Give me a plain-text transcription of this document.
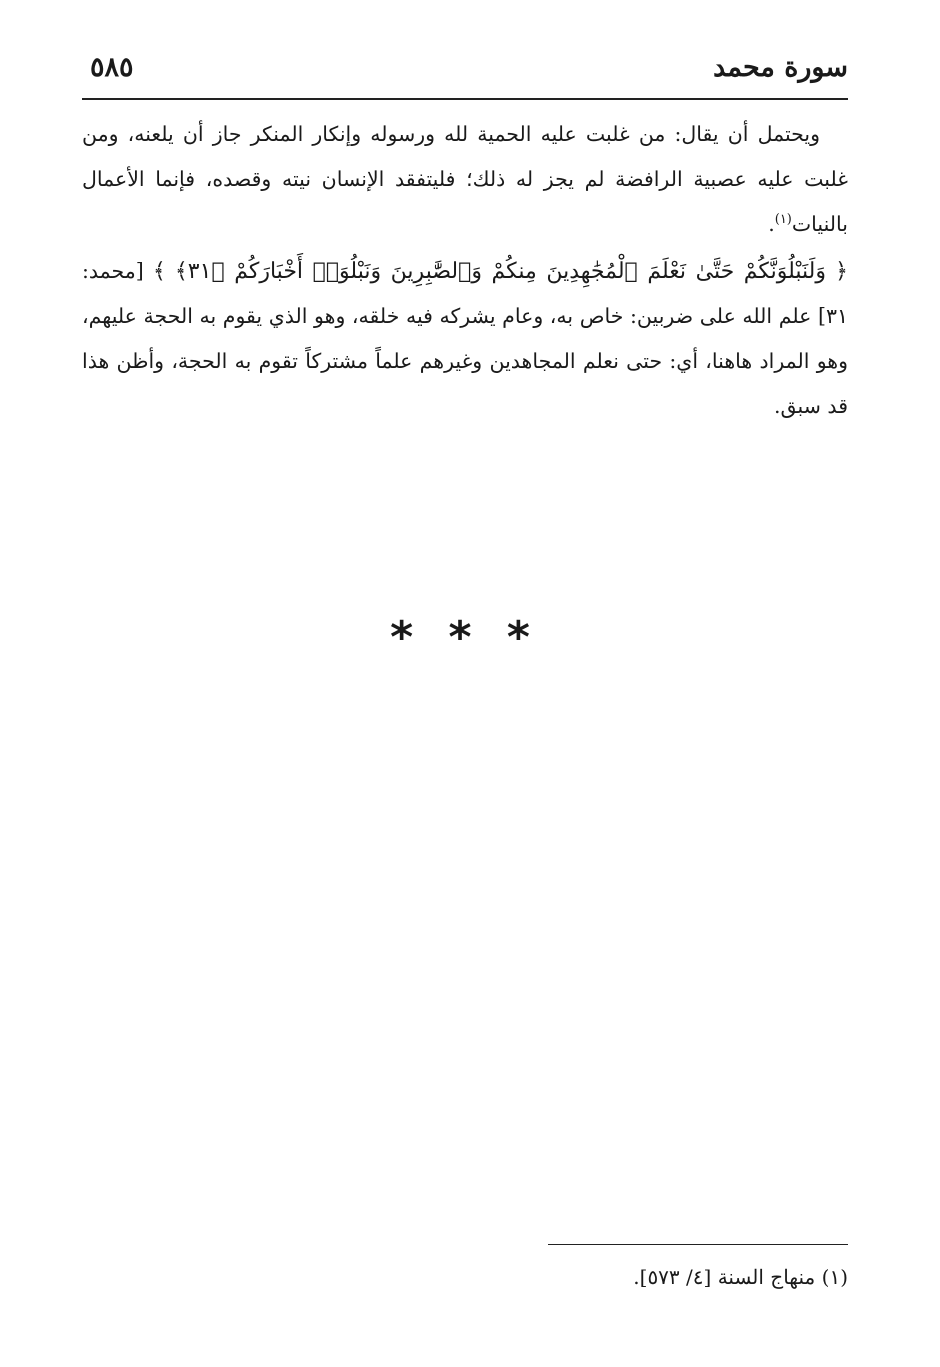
سورة محمد
٥٨٥

ويحتمل أن يقال: من غلبت عليه الحمية لله ورسوله وإنكار المنكر جاز أن يلعنه، ومن غلبت عليه عصبية الرافضة لم يجز له ذلك؛ فليتفقد الإنسان نيته وقصده، فإنما الأعمال بالنيات$^{(١)}$.

﴿ وَلَنَبْلُوَنَّكُمْ حَتَّىٰ نَعْلَمَ ٱلْمُجَٰهِدِينَ مِنكُمْ وَٱلصَّٰبِرِينَ وَنَبْلُوَا۟ أَخْبَارَكُمْ ﴿٣١﴾ ﴾ [محمد: ٣١] علم الله على ضربين: خاص به، وعام يشركه فيه خلقه، وهو الذي يقوم به الحجة عليهم، وهو المراد هاهنا، أي: حتى نعلم المجاهدين وغيرهم علماً مشتركاً تقوم به الحجة، وأظن هذا قد سبق.

* * *
(١) منهاج السنة [٤/ ٥٧٣].
